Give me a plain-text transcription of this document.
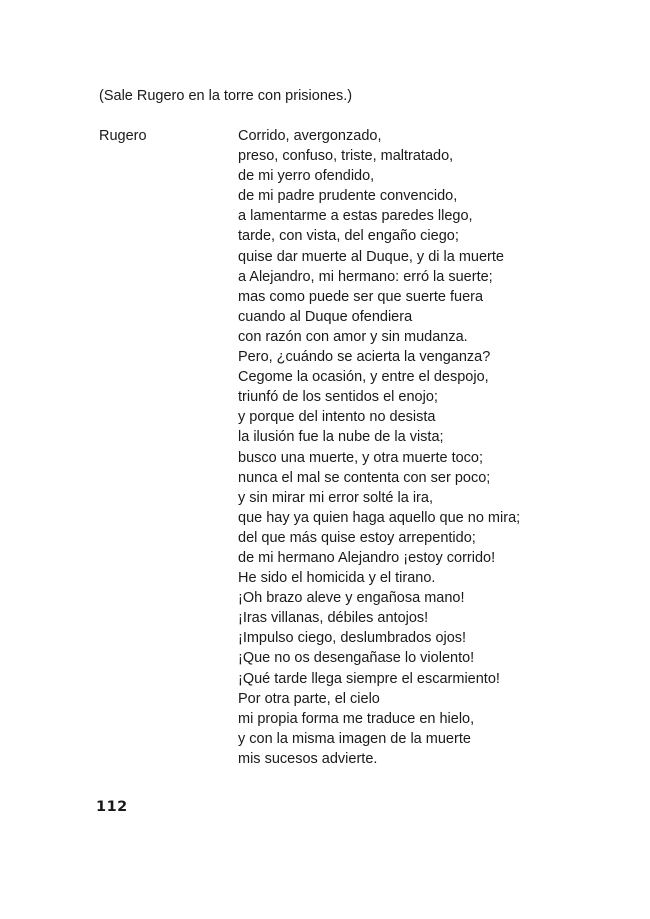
(Sale Rugero en la torre con prisiones.)
Rugero	Corrido, avergonzado,
preso, confuso, triste, maltratado,
de mi yerro ofendido,
de mi padre prudente convencido,
a lamentarme a estas paredes llego,
tarde, con vista, del engaño ciego;
quise dar muerte al Duque, y di la muerte
a Alejandro, mi hermano: erró la suerte;
mas como puede ser que suerte fuera
cuando al Duque ofendiera
con razón con amor y sin mudanza.
Pero, ¿cuándo se acierta la venganza?
Cegome la ocasión, y entre el despojo,
triunfó de los sentidos el enojo;
y porque del intento no desista
la ilusión fue la nube de la vista;
busco una muerte, y otra muerte toco;
nunca el mal se contenta con ser poco;
y sin mirar mi error solté la ira,
que hay ya quien haga aquello que no mira;
del que más quise estoy arrepentido;
de mi hermano Alejandro ¡estoy corrido!
He sido el homicida y el tirano.
¡Oh brazo aleve y engañosa mano!
¡Iras villanas, débiles antojos!
¡Impulso ciego, deslumbrados ojos!
¡Que no os desengañase lo violento!
¡Qué tarde llega siempre el escarmiento!
Por otra parte, el cielo
mi propia forma me traduce en hielo,
y con la misma imagen de la muerte
mis sucesos advierte.
112
